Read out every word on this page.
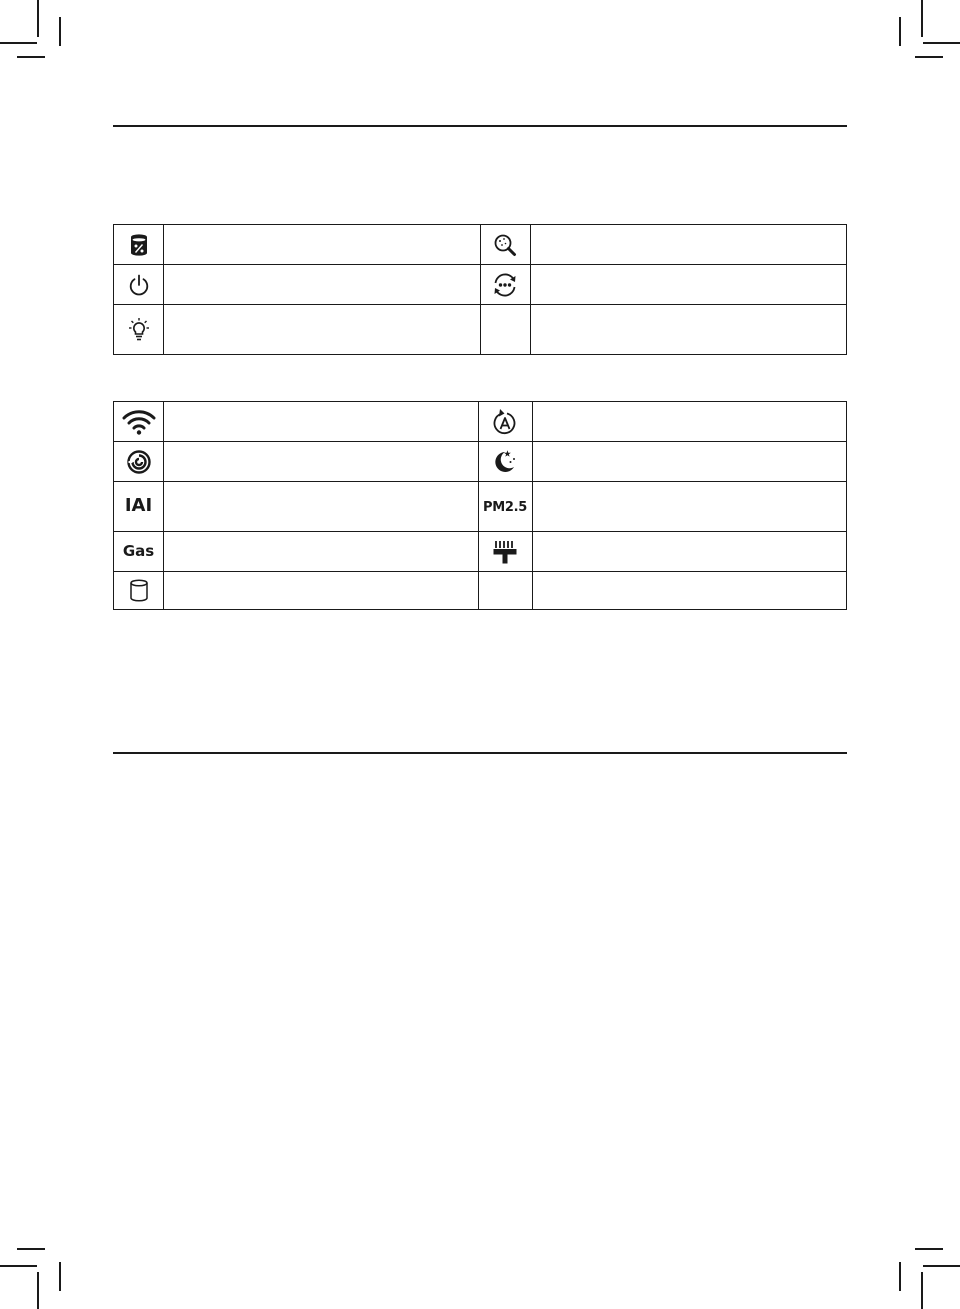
IAI		PM2.5	
Gas		
